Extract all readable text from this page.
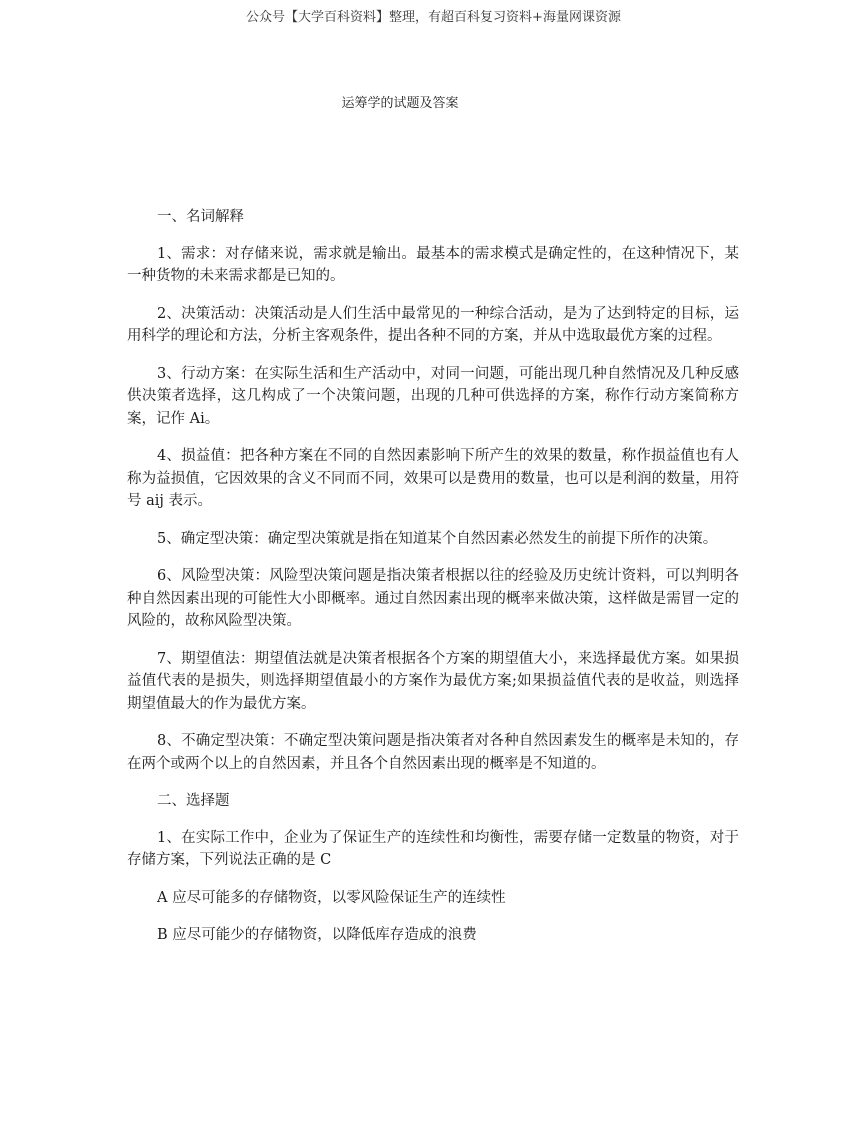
公众号【大学百科资料】整理，有超百科复习资料+海量网课资源
运筹学的试题及答案

一、名词解释

1、需求：对存储来说，需求就是输出。最基本的需求模式是确定性的，在这种情况下，某一种货物的未来需求都是已知的。

2、决策活动：决策活动是人们生活中最常见的一种综合活动，是为了达到特定的目标，运用科学的理论和方法，分析主客观条件，提出各种不同的方案，并从中选取最优方案的过程。

3、行动方案：在实际生活和生产活动中，对同一问题，可能出现几种自然情况及几种反感供决策者选择，这几构成了一个决策问题，出现的几种可供选择的方案，称作行动方案简称方案，记作 Ai。

4、损益值：把各种方案在不同的自然因素影响下所产生的效果的数量，称作损益值也有人称为益损值，它因效果的含义不同而不同，效果可以是费用的数量，也可以是利润的数量，用符号 aij 表示。

5、确定型决策：确定型决策就是指在知道某个自然因素必然发生的前提下所作的决策。

6、风险型决策：风险型决策问题是指决策者根据以往的经验及历史统计资料，可以判明各种自然因素出现的可能性大小即概率。通过自然因素出现的概率来做决策，这样做是需冒一定的风险的，故称风险型决策。

7、期望值法：期望值法就是决策者根据各个方案的期望值大小，来选择最优方案。如果损益值代表的是损失，则选择期望值最小的方案作为最优方案;如果损益值代表的是收益，则选择期望值最大的作为最优方案。

8、不确定型决策：不确定型决策问题是指决策者对各种自然因素发生的概率是未知的，存在两个或两个以上的自然因素，并且各个自然因素出现的概率是不知道的。

二、选择题

1、在实际工作中，企业为了保证生产的连续性和均衡性，需要存储一定数量的物资，对于存储方案，下列说法正确的是 C

A 应尽可能多的存储物资，以零风险保证生产的连续性

B 应尽可能少的存储物资，以降低库存造成的浪费
